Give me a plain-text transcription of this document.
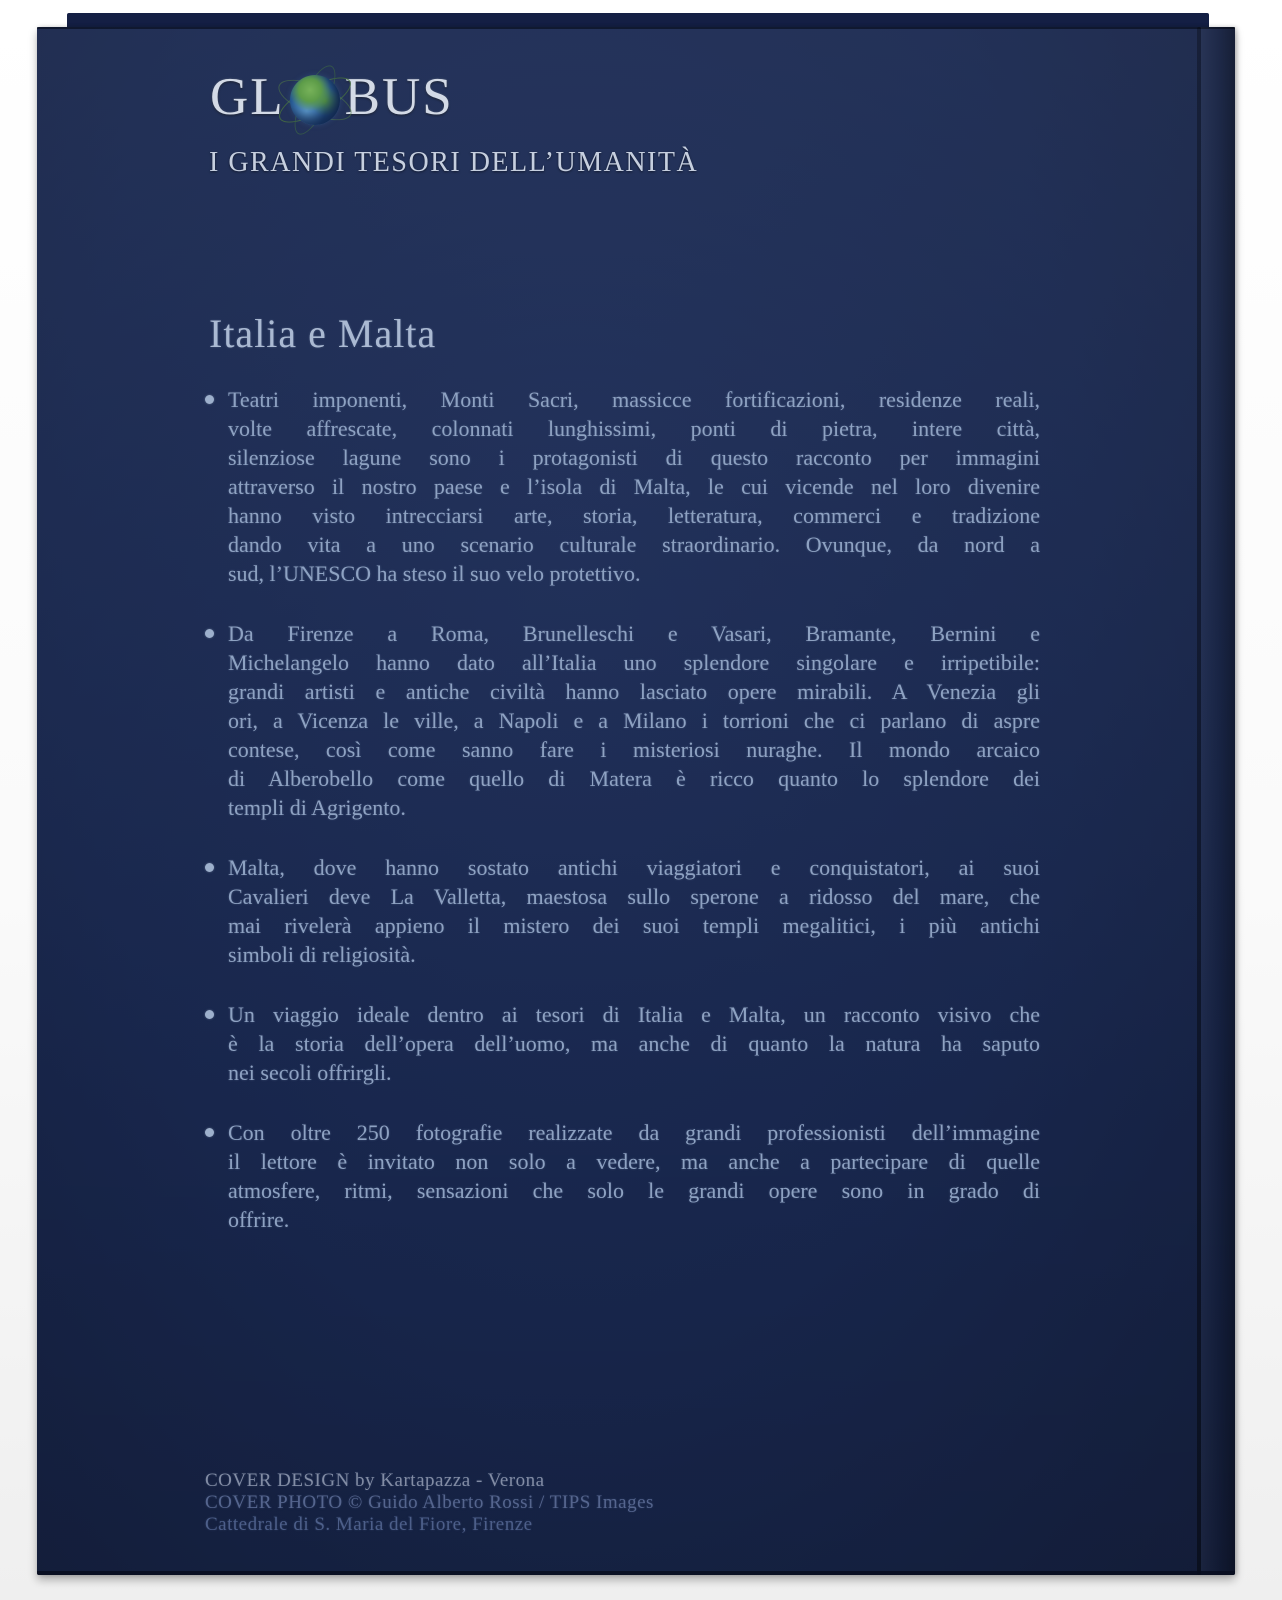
GL BUS
I GRANDI TESORI DELL’UMANITÀ
Italia e Malta
Teatri imponenti, Monti Sacri, massicce fortificazioni, residenze reali,
volte affrescate, colonnati lunghissimi, ponti di pietra, intere città,
silenziose lagune sono i protagonisti di questo racconto per immagini
attraverso il nostro paese e l’isola di Malta, le cui vicende nel loro divenire
hanno visto intrecciarsi arte, storia, letteratura, commerci e tradizione
dando vita a uno scenario culturale straordinario. Ovunque, da nord a
sud, l’UNESCO ha steso il suo velo protettivo.
Da Firenze a Roma, Brunelleschi e Vasari, Bramante, Bernini e
Michelangelo hanno dato all’Italia uno splendore singolare e irripetibile:
grandi artisti e antiche civiltà hanno lasciato opere mirabili. A Venezia gli
ori, a Vicenza le ville, a Napoli e a Milano i torrioni che ci parlano di aspre
contese, così come sanno fare i misteriosi nuraghe. Il mondo arcaico
di Alberobello come quello di Matera è ricco quanto lo splendore dei
templi di Agrigento.
Malta, dove hanno sostato antichi viaggiatori e conquistatori, ai suoi
Cavalieri deve La Valletta, maestosa sullo sperone a ridosso del mare, che
mai rivelerà appieno il mistero dei suoi templi megalitici, i più antichi
simboli di religiosità.
Un viaggio ideale dentro ai tesori di Italia e Malta, un racconto visivo che
è la storia dell’opera dell’uomo, ma anche di quanto la natura ha saputo
nei secoli offrirgli.
Con oltre 250 fotografie realizzate da grandi professionisti dell’immagine
il lettore è invitato non solo a vedere, ma anche a partecipare di quelle
atmosfere, ritmi, sensazioni che solo le grandi opere sono in grado di
offrire.
COVER DESIGN by Kartapazza - Verona
COVER PHOTO © Guido Alberto Rossi / TIPS Images
Cattedrale di S. Maria del Fiore, Firenze
